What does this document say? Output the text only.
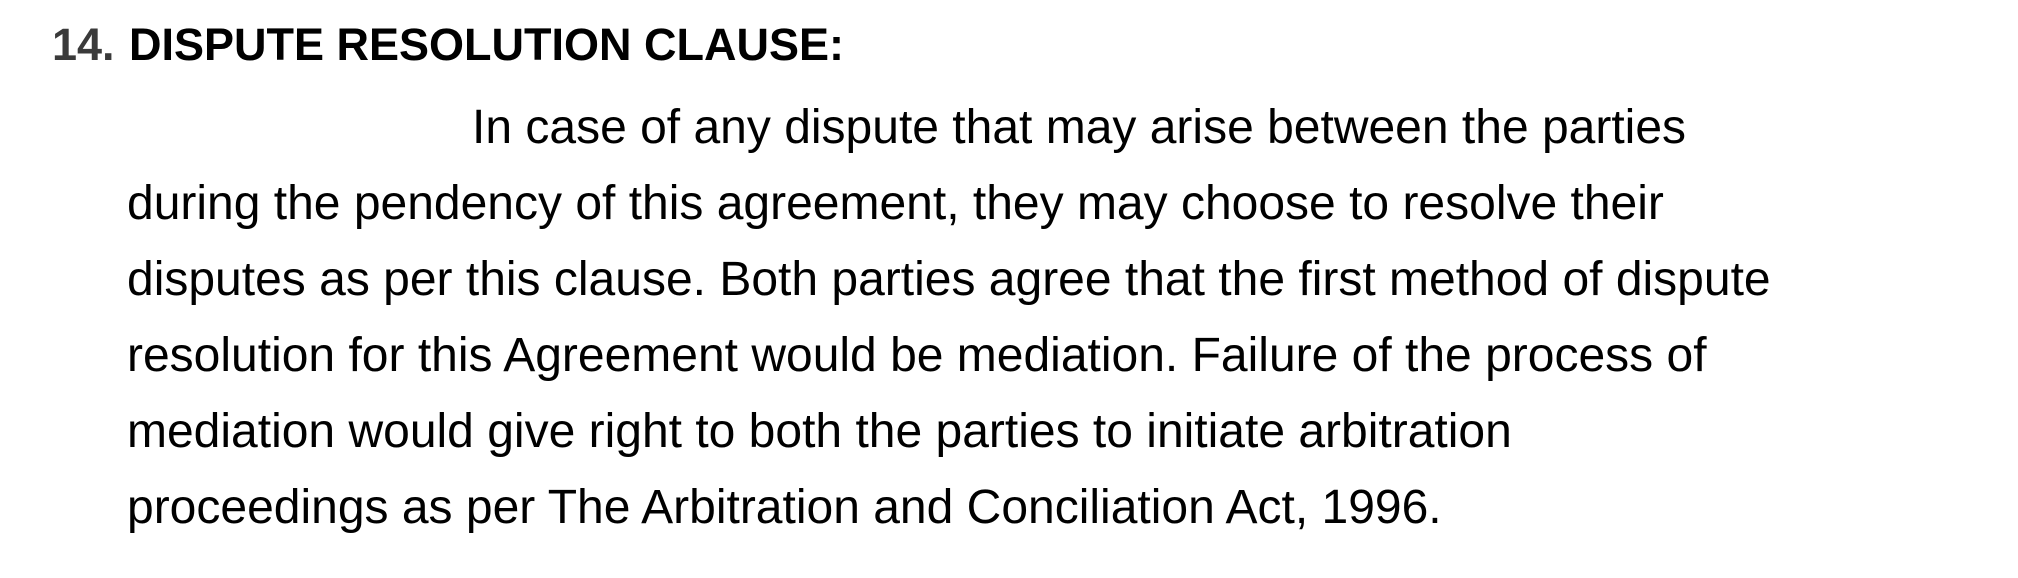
14. DISPUTE RESOLUTION CLAUSE:
In case of any dispute that may arise between the parties
during the pendency of this agreement, they may choose to resolve their
disputes as per this clause. Both parties agree that the first method of dispute
resolution for this Agreement would be mediation. Failure of the process of
mediation would give right to both the parties to initiate arbitration
proceedings as per The Arbitration and Conciliation Act, 1996.
